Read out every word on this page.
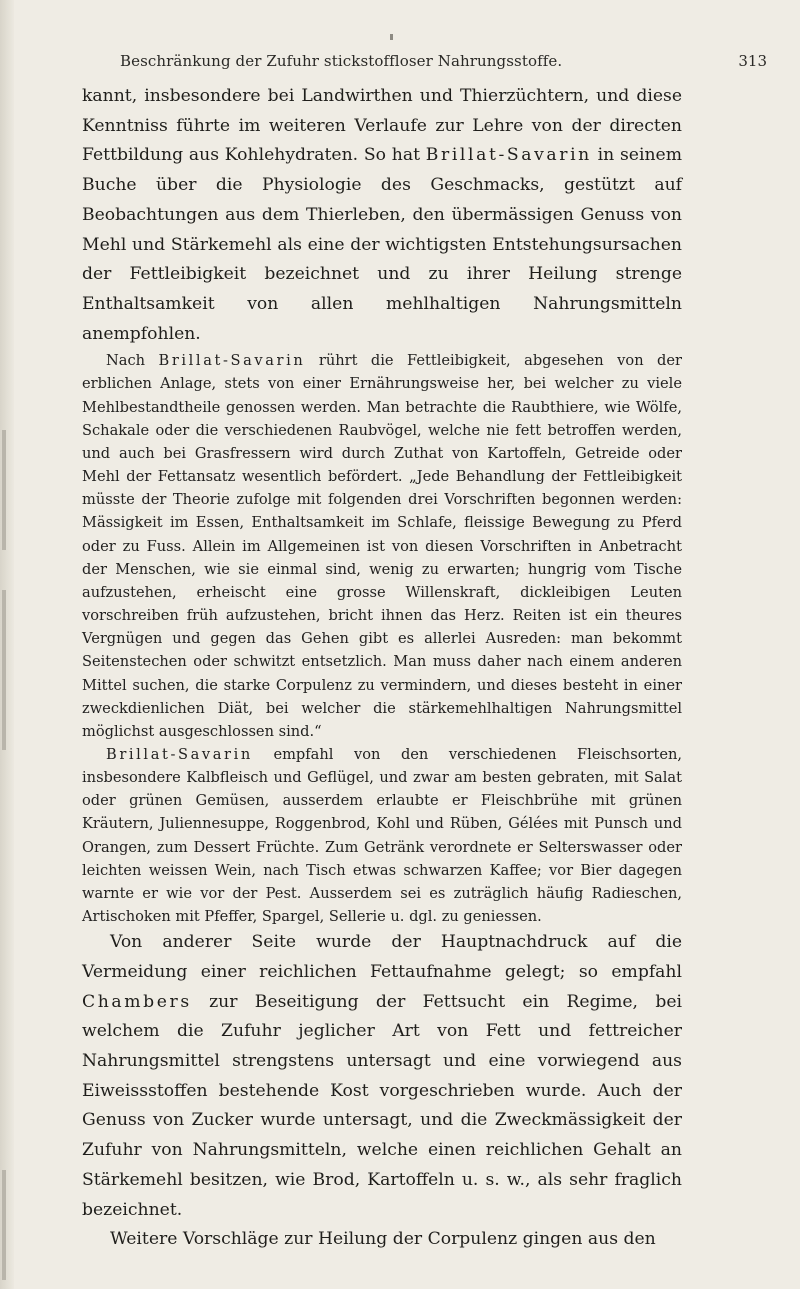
Beschränkung der Zufuhr stickstoffloser Nahrungsstoffe.	313

kannt, insbesondere bei Landwirthen und Thierzüchtern, und diese Kenntniss führte im weiteren Verlaufe zur Lehre von der directen Fettbildung aus Kohlehydraten. So hat Brillat-Savarin in seinem Buche über die Physiologie des Geschmacks, gestützt auf Beobachtungen aus dem Thierleben, den übermässigen Genuss von Mehl und Stärkemehl als eine der wichtigsten Entstehungsursachen der Fettleibigkeit bezeichnet und zu ihrer Heilung strenge Enthaltsamkeit von allen mehlhaltigen Nahrungsmitteln anempfohlen.

Nach Brillat-Savarin rührt die Fettleibigkeit, abgesehen von der erblichen Anlage, stets von einer Ernährungsweise her, bei welcher zu viele Mehlbestandtheile genossen werden. Man betrachte die Raubthiere, wie Wölfe, Schakale oder die verschiedenen Raubvögel, welche nie fett betroffen werden, und auch bei Grasfressern wird durch Zuthat von Kartoffeln, Getreide oder Mehl der Fettansatz wesentlich befördert. „Jede Behandlung der Fettleibigkeit müsste der Theorie zufolge mit folgenden drei Vorschriften begonnen werden: Mässigkeit im Essen, Enthaltsamkeit im Schlafe, fleissige Bewegung zu Pferd oder zu Fuss. Allein im Allgemeinen ist von diesen Vorschriften in Anbetracht der Menschen, wie sie einmal sind, wenig zu erwarten; hungrig vom Tische aufzustehen, erheischt eine grosse Willenskraft, dickleibigen Leuten vorschreiben früh aufzustehen, bricht ihnen das Herz. Reiten ist ein theures Vergnügen und gegen das Gehen gibt es allerlei Ausreden: man bekommt Seitenstechen oder schwitzt entsetzlich. Man muss daher nach einem anderen Mittel suchen, die starke Corpulenz zu vermindern, und dieses besteht in einer zweckdienlichen Diät, bei welcher die stärkemehlhaltigen Nahrungsmittel möglichst ausgeschlossen sind.“

Brillat-Savarin empfahl von den verschiedenen Fleischsorten, insbesondere Kalbfleisch und Geflügel, und zwar am besten gebraten, mit Salat oder grünen Gemüsen, ausserdem erlaubte er Fleischbrühe mit grünen Kräutern, Juliennesuppe, Roggenbrod, Kohl und Rüben, Gélées mit Punsch und Orangen, zum Dessert Früchte. Zum Getränk verordnete er Selterswasser oder leichten weissen Wein, nach Tisch etwas schwarzen Kaffee; vor Bier dagegen warnte er wie vor der Pest. Ausserdem sei es zuträglich häufig Radieschen, Artischoken mit Pfeffer, Spargel, Sellerie u. dgl. zu geniessen.

Von anderer Seite wurde der Hauptnachdruck auf die Vermeidung einer reichlichen Fettaufnahme gelegt; so empfahl Chambers zur Beseitigung der Fettsucht ein Regime, bei welchem die Zufuhr jeglicher Art von Fett und fettreicher Nahrungsmittel strengstens untersagt und eine vorwiegend aus Eiweissstoffen bestehende Kost vorgeschrieben wurde. Auch der Genuss von Zucker wurde untersagt, und die Zweckmässigkeit der Zufuhr von Nahrungsmitteln, welche einen reichlichen Gehalt an Stärkemehl besitzen, wie Brod, Kartoffeln u. s. w., als sehr fraglich bezeichnet.

Weitere Vorschläge zur Heilung der Corpulenz gingen aus den
